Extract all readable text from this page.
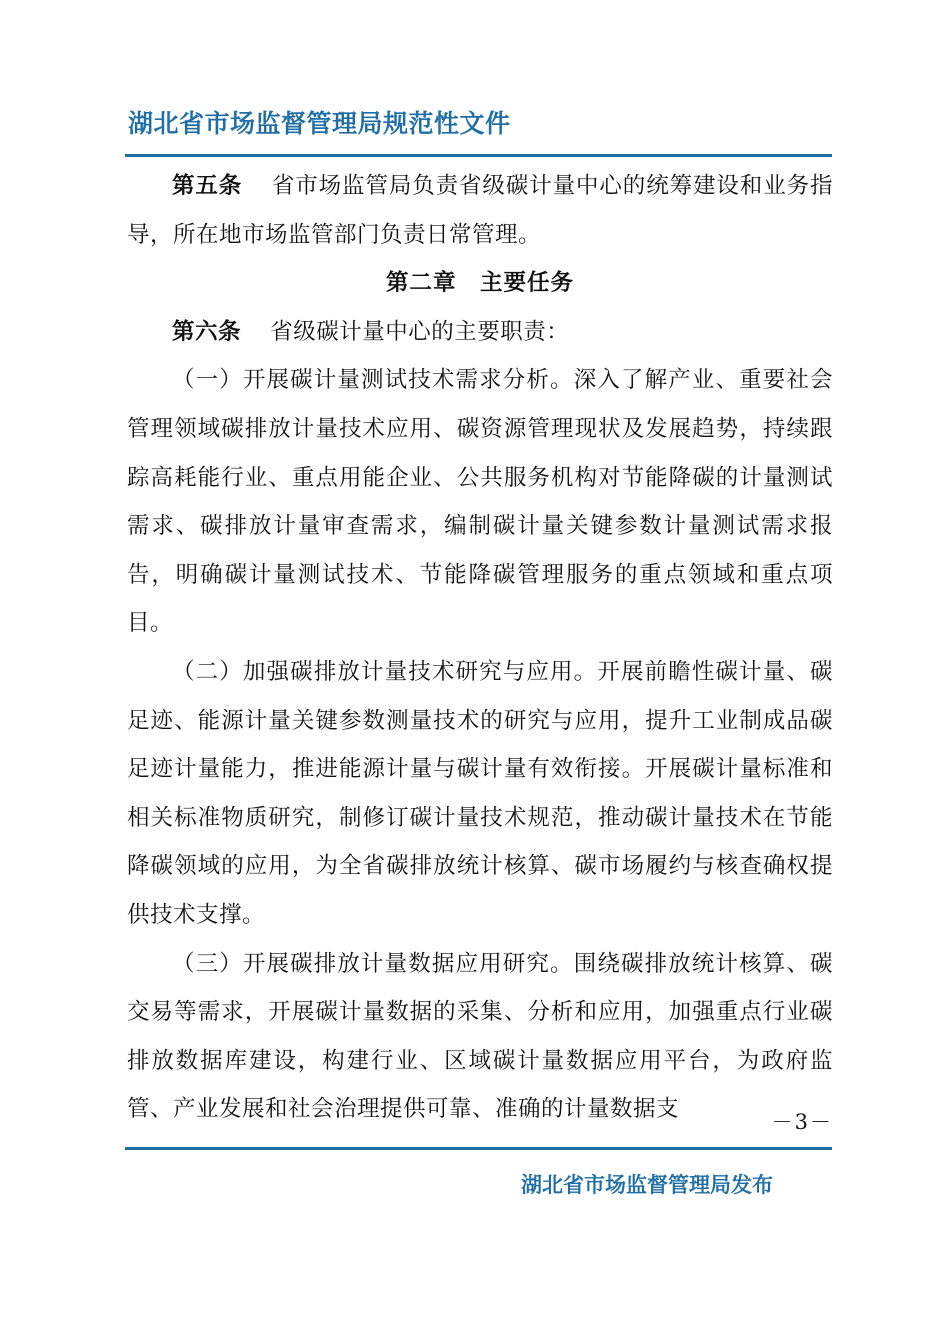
湖北省市场监督管理局规范性文件

第五条 省市场监管局负责省级碳计量中心的统筹建设和业务指导，所在地市场监管部门负责日常管理。

第二章　主要任务

第六条 省级碳计量中心的主要职责：

（一）开展碳计量测试技术需求分析。深入了解产业、重要社会管理领域碳排放计量技术应用、碳资源管理现状及发展趋势，持续跟踪高耗能行业、重点用能企业、公共服务机构对节能降碳的计量测试需求、碳排放计量审查需求，编制碳计量关键参数计量测试需求报告，明确碳计量测试技术、节能降碳管理服务的重点领域和重点项目。

（二）加强碳排放计量技术研究与应用。开展前瞻性碳计量、碳足迹、能源计量关键参数测量技术的研究与应用，提升工业制成品碳足迹计量能力，推进能源计量与碳计量有效衔接。开展碳计量标准和相关标准物质研究，制修订碳计量技术规范，推动碳计量技术在节能降碳领域的应用，为全省碳排放统计核算、碳市场履约与核查确权提供技术支撑。

（三）开展碳排放计量数据应用研究。围绕碳排放统计核算、碳交易等需求，开展碳计量数据的采集、分析和应用，加强重点行业碳排放数据库建设，构建行业、区域碳计量数据应用平台，为政府监管、产业发展和社会治理提供可靠、准确的计量数据支	－3－
湖北省市场监督管理局发布
